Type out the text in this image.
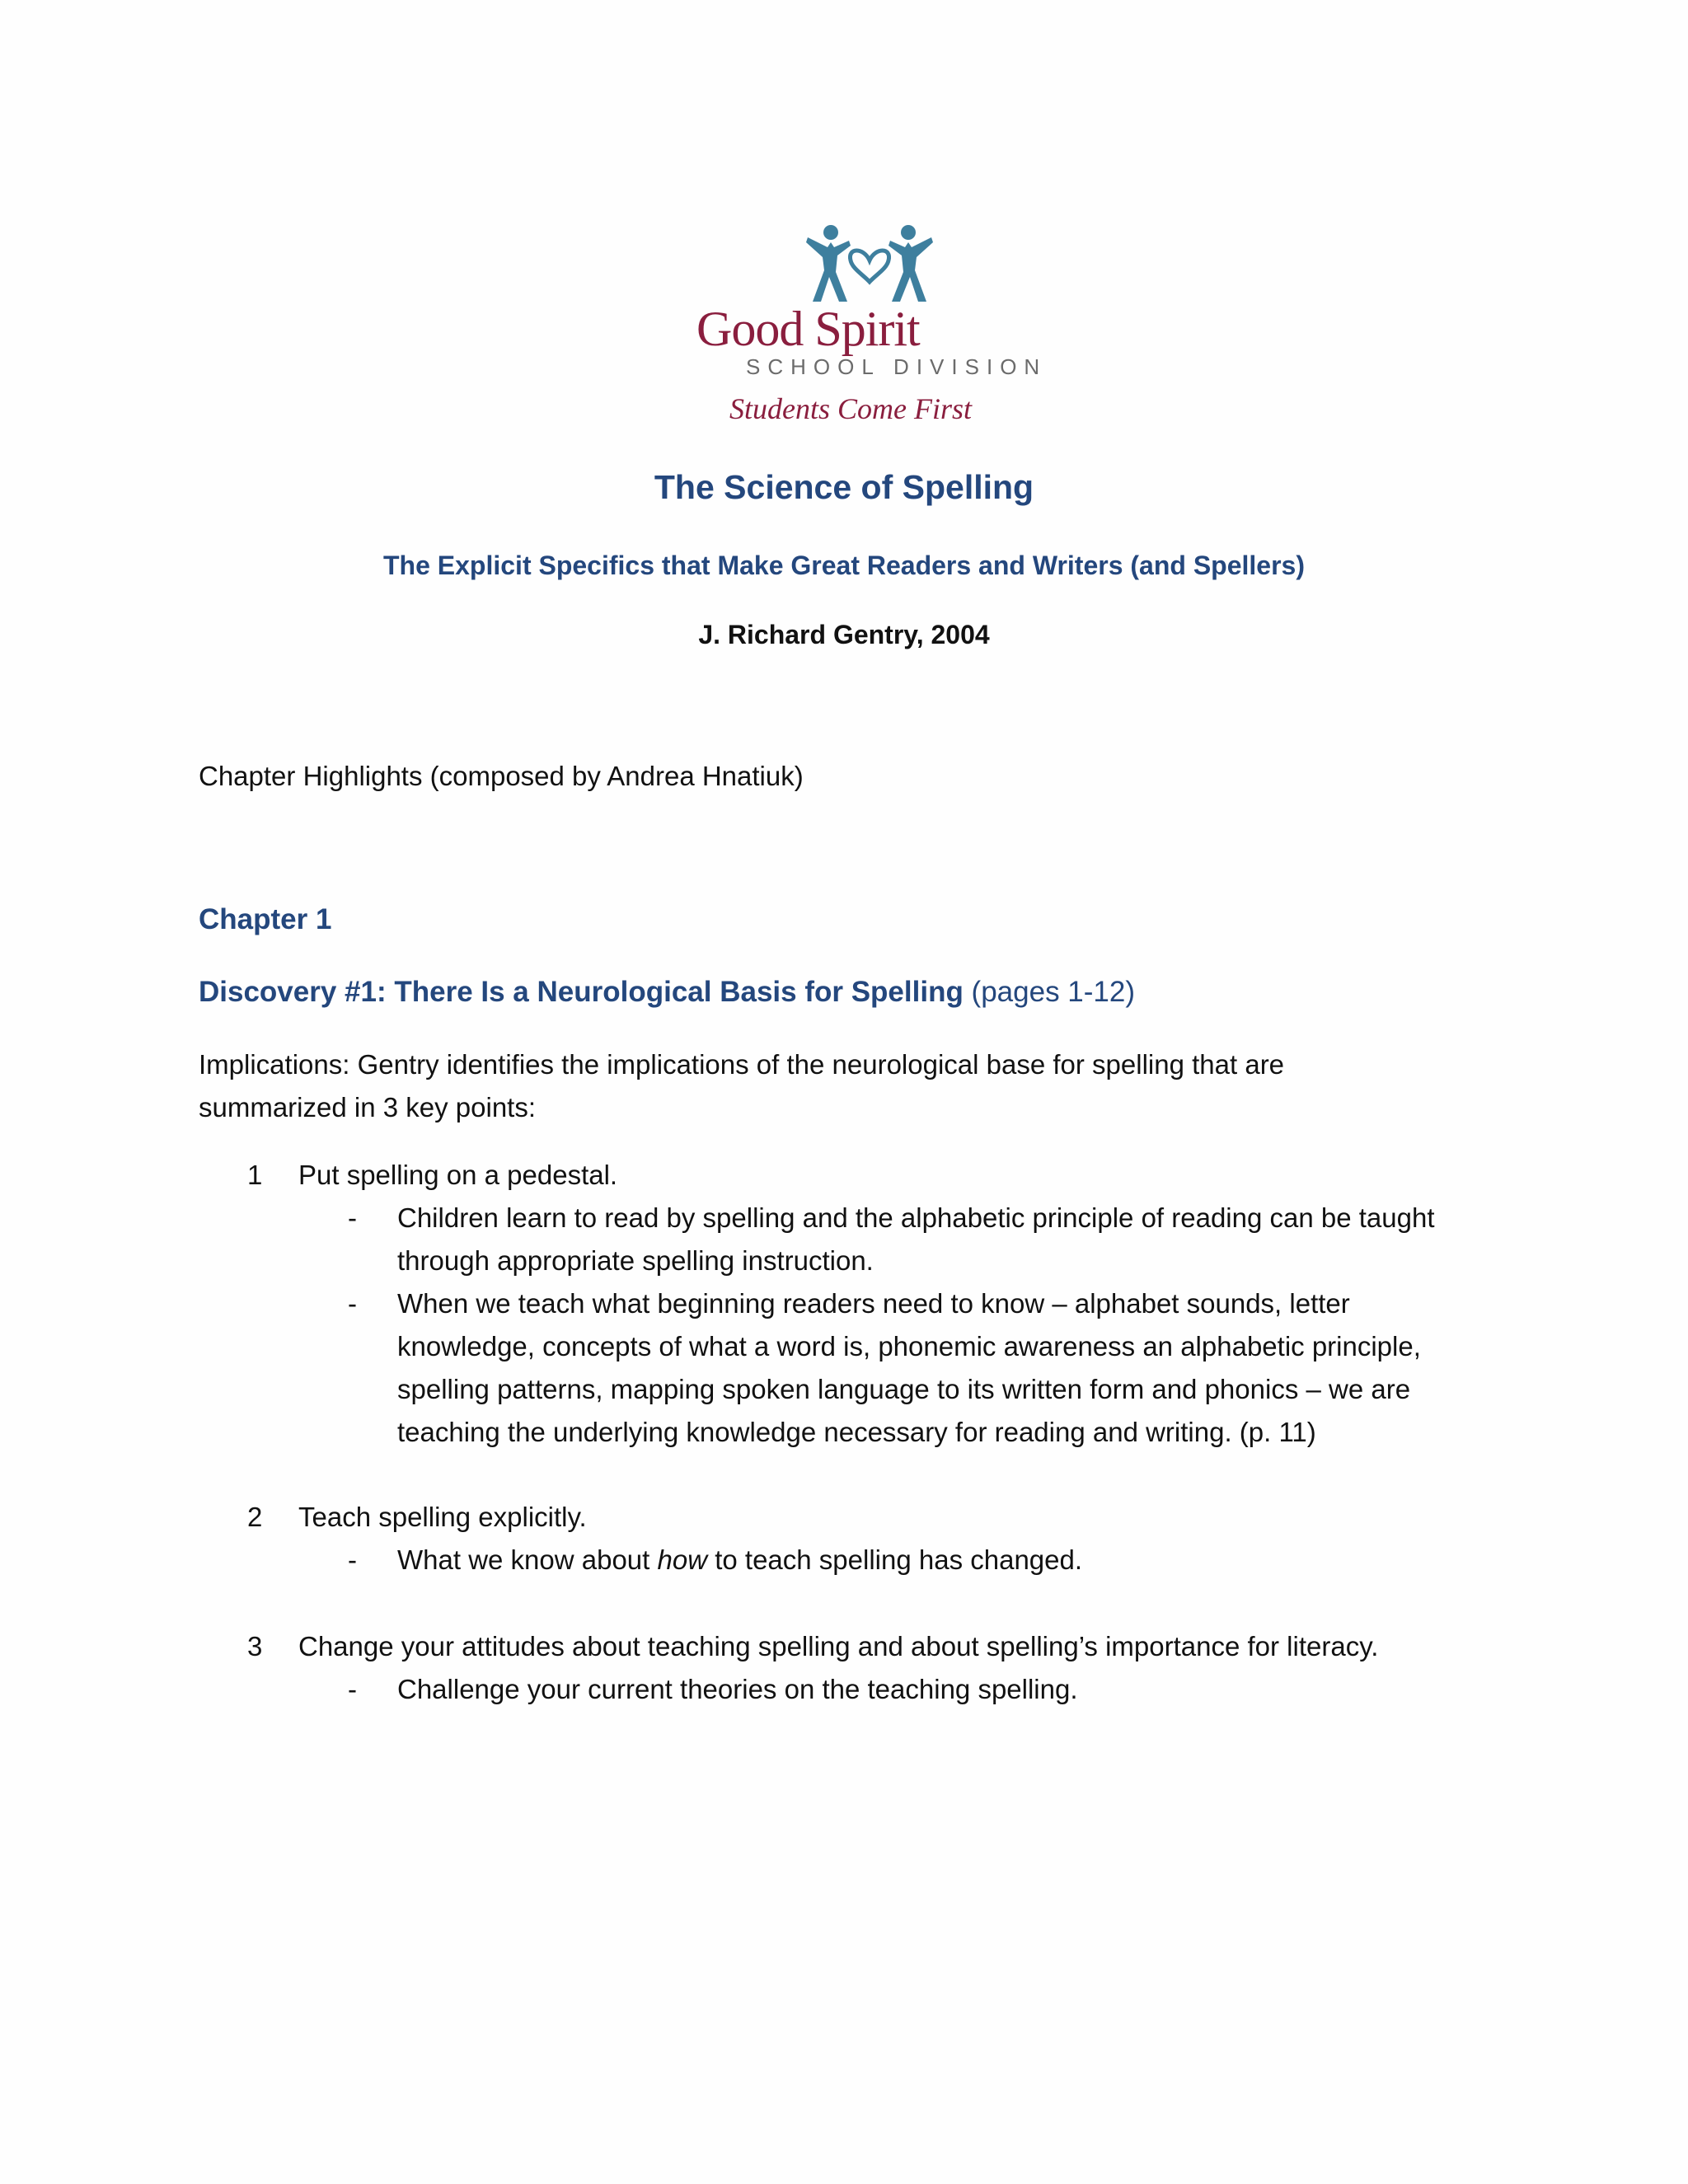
Good Spirit
SCHOOL DIVISION
Students Come First
The Science of Spelling
The Explicit Specifics that Make Great Readers and Writers (and Spellers)
J. Richard Gentry, 2004
Chapter Highlights (composed by Andrea Hnatiuk)
Chapter 1
Discovery #1: There Is a Neurological Basis for Spelling (pages 1-12)
Implications: Gentry identifies the implications of the neurological base for spelling that are
summarized in 3 key points:
1 Put spelling on a pedestal.
- Children learn to read by spelling and the alphabetic principle of reading can be taught
through appropriate spelling instruction.
- When we teach what beginning readers need to know – alphabet sounds, letter
knowledge, concepts of what a word is, phonemic awareness an alphabetic principle,
spelling patterns, mapping spoken language to its written form and phonics – we are
teaching the underlying knowledge necessary for reading and writing. (p. 11)
2 Teach spelling explicitly.
- What we know about how to teach spelling has changed.
3 Change your attitudes about teaching spelling and about spelling’s importance for literacy.
- Challenge your current theories on the teaching spelling.
